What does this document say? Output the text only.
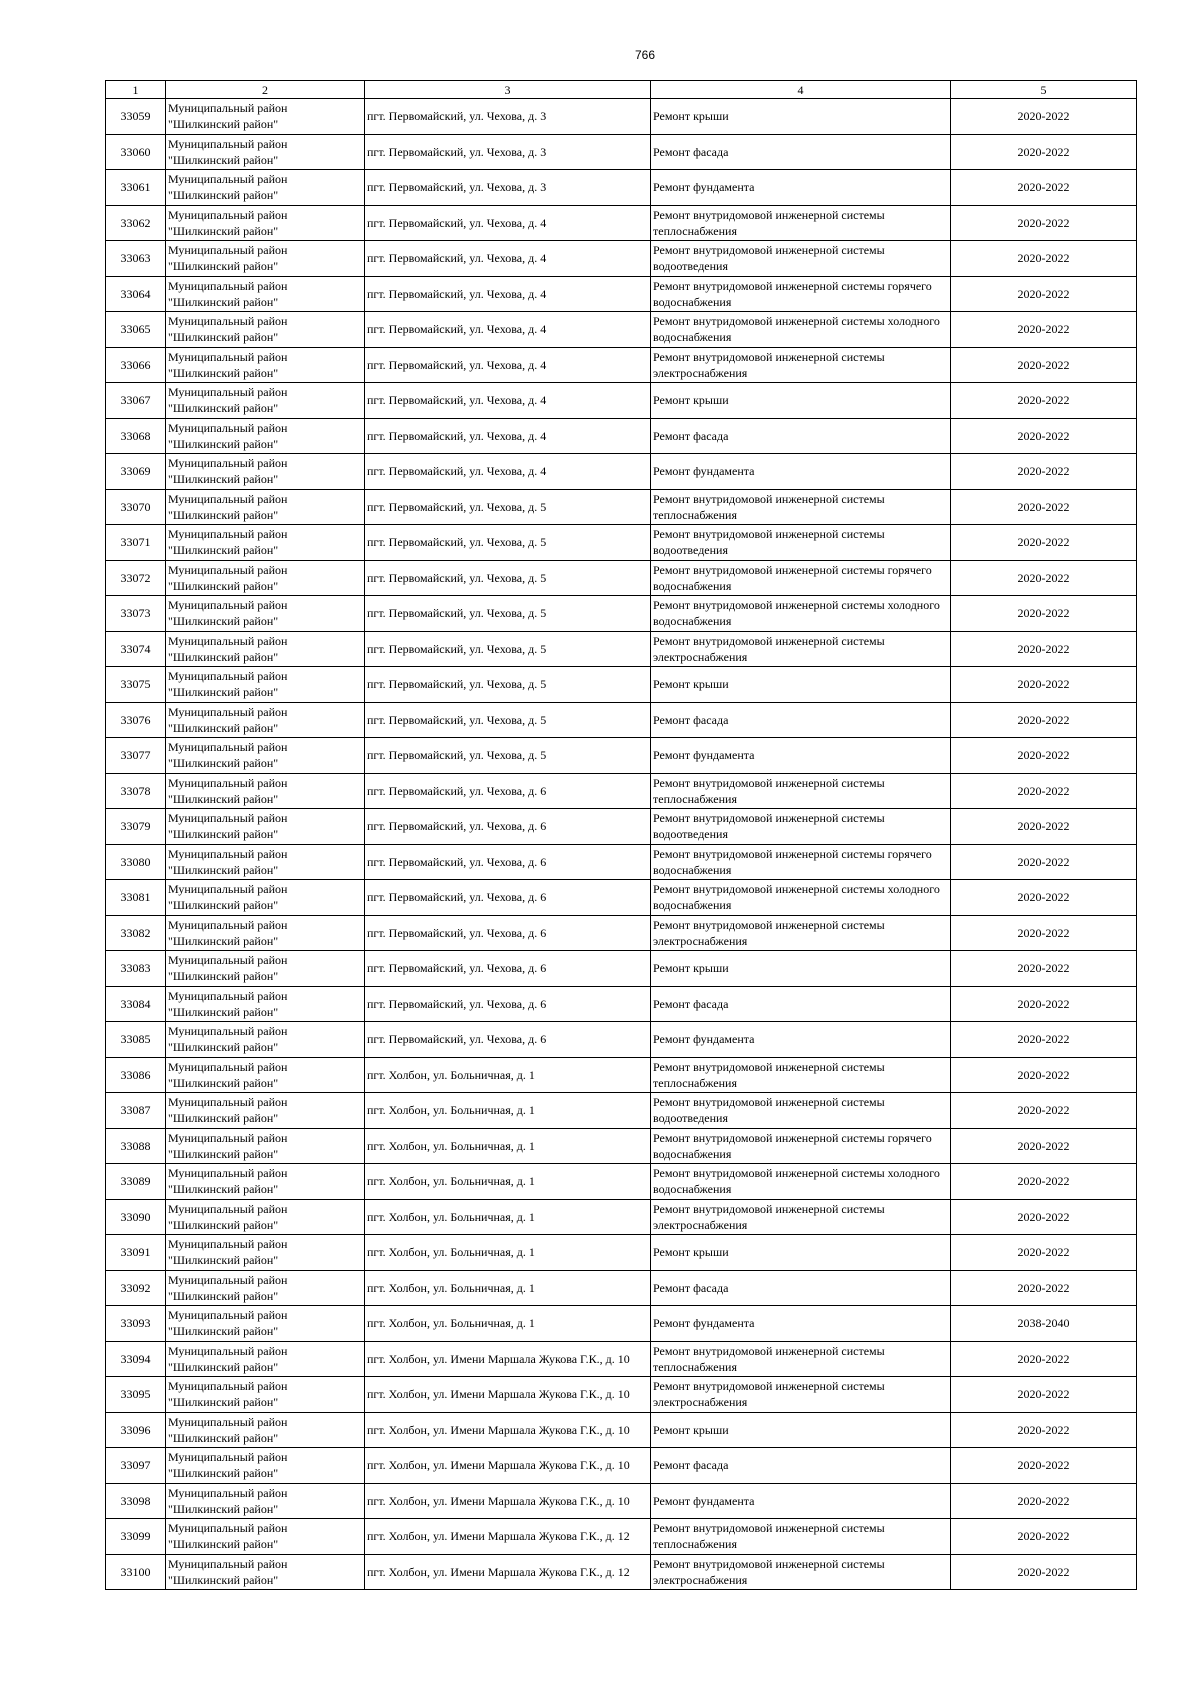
766
1	2	3	4	5
33059	Муниципальный район "Шилкинский район"	пгт. Первомайский, ул. Чехова, д. 3	Ремонт крыши	2020-2022
33060	Муниципальный район "Шилкинский район"	пгт. Первомайский, ул. Чехова, д. 3	Ремонт фасада	2020-2022
33061	Муниципальный район "Шилкинский район"	пгт. Первомайский, ул. Чехова, д. 3	Ремонт фундамента	2020-2022
33062	Муниципальный район "Шилкинский район"	пгт. Первомайский, ул. Чехова, д. 4	Ремонт внутридомовой инженерной системы теплоснабжения	2020-2022
33063	Муниципальный район "Шилкинский район"	пгт. Первомайский, ул. Чехова, д. 4	Ремонт внутридомовой инженерной системы водоотведения	2020-2022
33064	Муниципальный район "Шилкинский район"	пгт. Первомайский, ул. Чехова, д. 4	Ремонт внутридомовой инженерной системы горячего водоснабжения	2020-2022
33065	Муниципальный район "Шилкинский район"	пгт. Первомайский, ул. Чехова, д. 4	Ремонт внутридомовой инженерной системы холодного водоснабжения	2020-2022
33066	Муниципальный район "Шилкинский район"	пгт. Первомайский, ул. Чехова, д. 4	Ремонт внутридомовой инженерной системы электроснабжения	2020-2022
33067	Муниципальный район "Шилкинский район"	пгт. Первомайский, ул. Чехова, д. 4	Ремонт крыши	2020-2022
33068	Муниципальный район "Шилкинский район"	пгт. Первомайский, ул. Чехова, д. 4	Ремонт фасада	2020-2022
33069	Муниципальный район "Шилкинский район"	пгт. Первомайский, ул. Чехова, д. 4	Ремонт фундамента	2020-2022
33070	Муниципальный район "Шилкинский район"	пгт. Первомайский, ул. Чехова, д. 5	Ремонт внутридомовой инженерной системы теплоснабжения	2020-2022
33071	Муниципальный район "Шилкинский район"	пгт. Первомайский, ул. Чехова, д. 5	Ремонт внутридомовой инженерной системы водоотведения	2020-2022
33072	Муниципальный район "Шилкинский район"	пгт. Первомайский, ул. Чехова, д. 5	Ремонт внутридомовой инженерной системы горячего водоснабжения	2020-2022
33073	Муниципальный район "Шилкинский район"	пгт. Первомайский, ул. Чехова, д. 5	Ремонт внутридомовой инженерной системы холодного водоснабжения	2020-2022
33074	Муниципальный район "Шилкинский район"	пгт. Первомайский, ул. Чехова, д. 5	Ремонт внутридомовой инженерной системы электроснабжения	2020-2022
33075	Муниципальный район "Шилкинский район"	пгт. Первомайский, ул. Чехова, д. 5	Ремонт крыши	2020-2022
33076	Муниципальный район "Шилкинский район"	пгт. Первомайский, ул. Чехова, д. 5	Ремонт фасада	2020-2022
33077	Муниципальный район "Шилкинский район"	пгт. Первомайский, ул. Чехова, д. 5	Ремонт фундамента	2020-2022
33078	Муниципальный район "Шилкинский район"	пгт. Первомайский, ул. Чехова, д. 6	Ремонт внутридомовой инженерной системы теплоснабжения	2020-2022
33079	Муниципальный район "Шилкинский район"	пгт. Первомайский, ул. Чехова, д. 6	Ремонт внутридомовой инженерной системы водоотведения	2020-2022
33080	Муниципальный район "Шилкинский район"	пгт. Первомайский, ул. Чехова, д. 6	Ремонт внутридомовой инженерной системы горячего водоснабжения	2020-2022
33081	Муниципальный район "Шилкинский район"	пгт. Первомайский, ул. Чехова, д. 6	Ремонт внутридомовой инженерной системы холодного водоснабжения	2020-2022
33082	Муниципальный район "Шилкинский район"	пгт. Первомайский, ул. Чехова, д. 6	Ремонт внутридомовой инженерной системы электроснабжения	2020-2022
33083	Муниципальный район "Шилкинский район"	пгт. Первомайский, ул. Чехова, д. 6	Ремонт крыши	2020-2022
33084	Муниципальный район "Шилкинский район"	пгт. Первомайский, ул. Чехова, д. 6	Ремонт фасада	2020-2022
33085	Муниципальный район "Шилкинский район"	пгт. Первомайский, ул. Чехова, д. 6	Ремонт фундамента	2020-2022
33086	Муниципальный район "Шилкинский район"	пгт. Холбон, ул. Больничная, д. 1	Ремонт внутридомовой инженерной системы теплоснабжения	2020-2022
33087	Муниципальный район "Шилкинский район"	пгт. Холбон, ул. Больничная, д. 1	Ремонт внутридомовой инженерной системы водоотведения	2020-2022
33088	Муниципальный район "Шилкинский район"	пгт. Холбон, ул. Больничная, д. 1	Ремонт внутридомовой инженерной системы горячего водоснабжения	2020-2022
33089	Муниципальный район "Шилкинский район"	пгт. Холбон, ул. Больничная, д. 1	Ремонт внутридомовой инженерной системы холодного водоснабжения	2020-2022
33090	Муниципальный район "Шилкинский район"	пгт. Холбон, ул. Больничная, д. 1	Ремонт внутридомовой инженерной системы электроснабжения	2020-2022
33091	Муниципальный район "Шилкинский район"	пгт. Холбон, ул. Больничная, д. 1	Ремонт крыши	2020-2022
33092	Муниципальный район "Шилкинский район"	пгт. Холбон, ул. Больничная, д. 1	Ремонт фасада	2020-2022
33093	Муниципальный район "Шилкинский район"	пгт. Холбон, ул. Больничная, д. 1	Ремонт фундамента	2038-2040
33094	Муниципальный район "Шилкинский район"	пгт. Холбон, ул. Имени Маршала Жукова Г.К., д. 10	Ремонт внутридомовой инженерной системы теплоснабжения	2020-2022
33095	Муниципальный район "Шилкинский район"	пгт. Холбон, ул. Имени Маршала Жукова Г.К., д. 10	Ремонт внутридомовой инженерной системы электроснабжения	2020-2022
33096	Муниципальный район "Шилкинский район"	пгт. Холбон, ул. Имени Маршала Жукова Г.К., д. 10	Ремонт крыши	2020-2022
33097	Муниципальный район "Шилкинский район"	пгт. Холбон, ул. Имени Маршала Жукова Г.К., д. 10	Ремонт фасада	2020-2022
33098	Муниципальный район "Шилкинский район"	пгт. Холбон, ул. Имени Маршала Жукова Г.К., д. 10	Ремонт фундамента	2020-2022
33099	Муниципальный район "Шилкинский район"	пгт. Холбон, ул. Имени Маршала Жукова Г.К., д. 12	Ремонт внутридомовой инженерной системы теплоснабжения	2020-2022
33100	Муниципальный район "Шилкинский район"	пгт. Холбон, ул. Имени Маршала Жукова Г.К., д. 12	Ремонт внутридомовой инженерной системы электроснабжения	2020-2022
